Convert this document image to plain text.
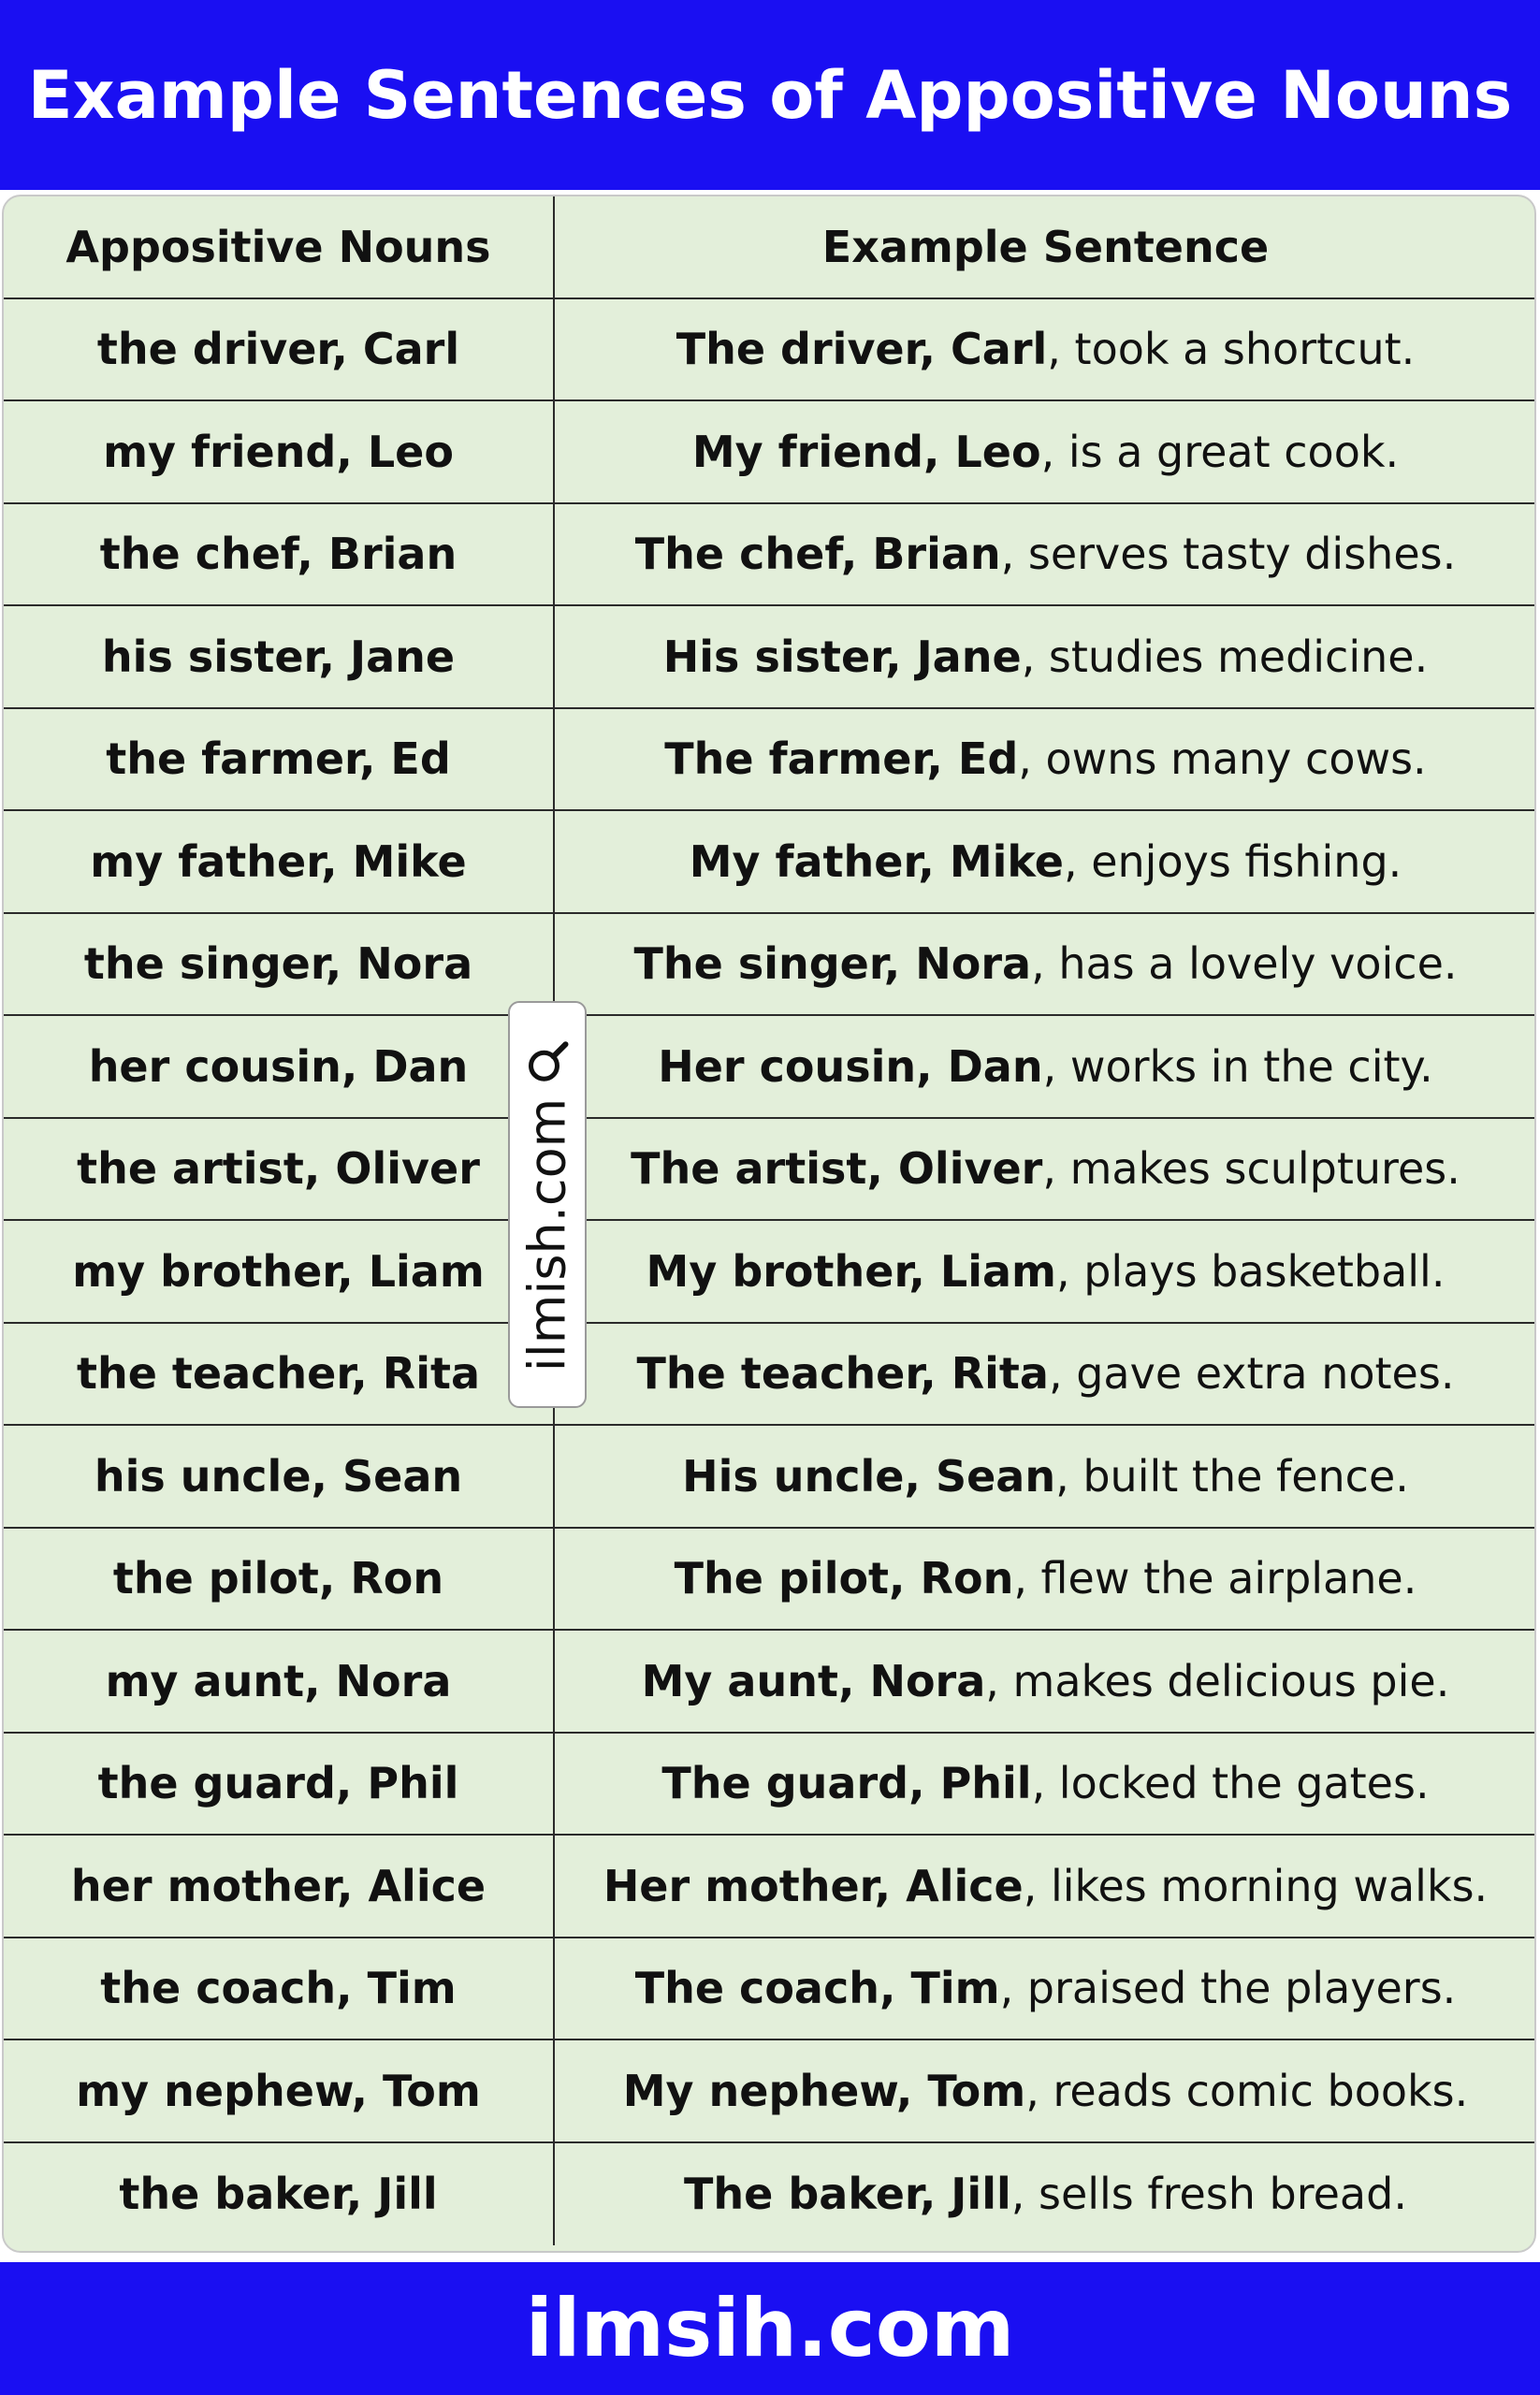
Example Sentences of Appositive Nouns
Appositive Nouns	Example Sentence
the driver, Carl	The driver, Carl , took a shortcut.
my friend, Leo	My friend, Leo , is a great cook.
the chef, Brian	The chef, Brian , serves tasty dishes.
his sister, Jane	His sister, Jane , studies medicine.
the farmer, Ed	The farmer, Ed , owns many cows.
my father, Mike	My father, Mike , enjoys fishing.
the singer, Nora	The singer, Nora , has a lovely voice.
her cousin, Dan	Her cousin, Dan , works in the city.
the artist, Oliver	The artist, Oliver , makes sculptures.
my brother, Liam	My brother, Liam , plays basketball.
the teacher, Rita	The teacher, Rita , gave extra notes.
his uncle, Sean	His uncle, Sean , built the fence.
the pilot, Ron	The pilot, Ron , flew the airplane.
my aunt, Nora	My aunt, Nora , makes delicious pie.
the guard, Phil	The guard, Phil , locked the gates.
her mother, Alice	Her mother, Alice , likes morning walks.
the coach, Tim	The coach, Tim , praised the players.
my nephew, Tom	My nephew, Tom , reads comic books.
the baker, Jill	The baker, Jill , sells fresh bread.
ilmish.com
ilmsih.com
